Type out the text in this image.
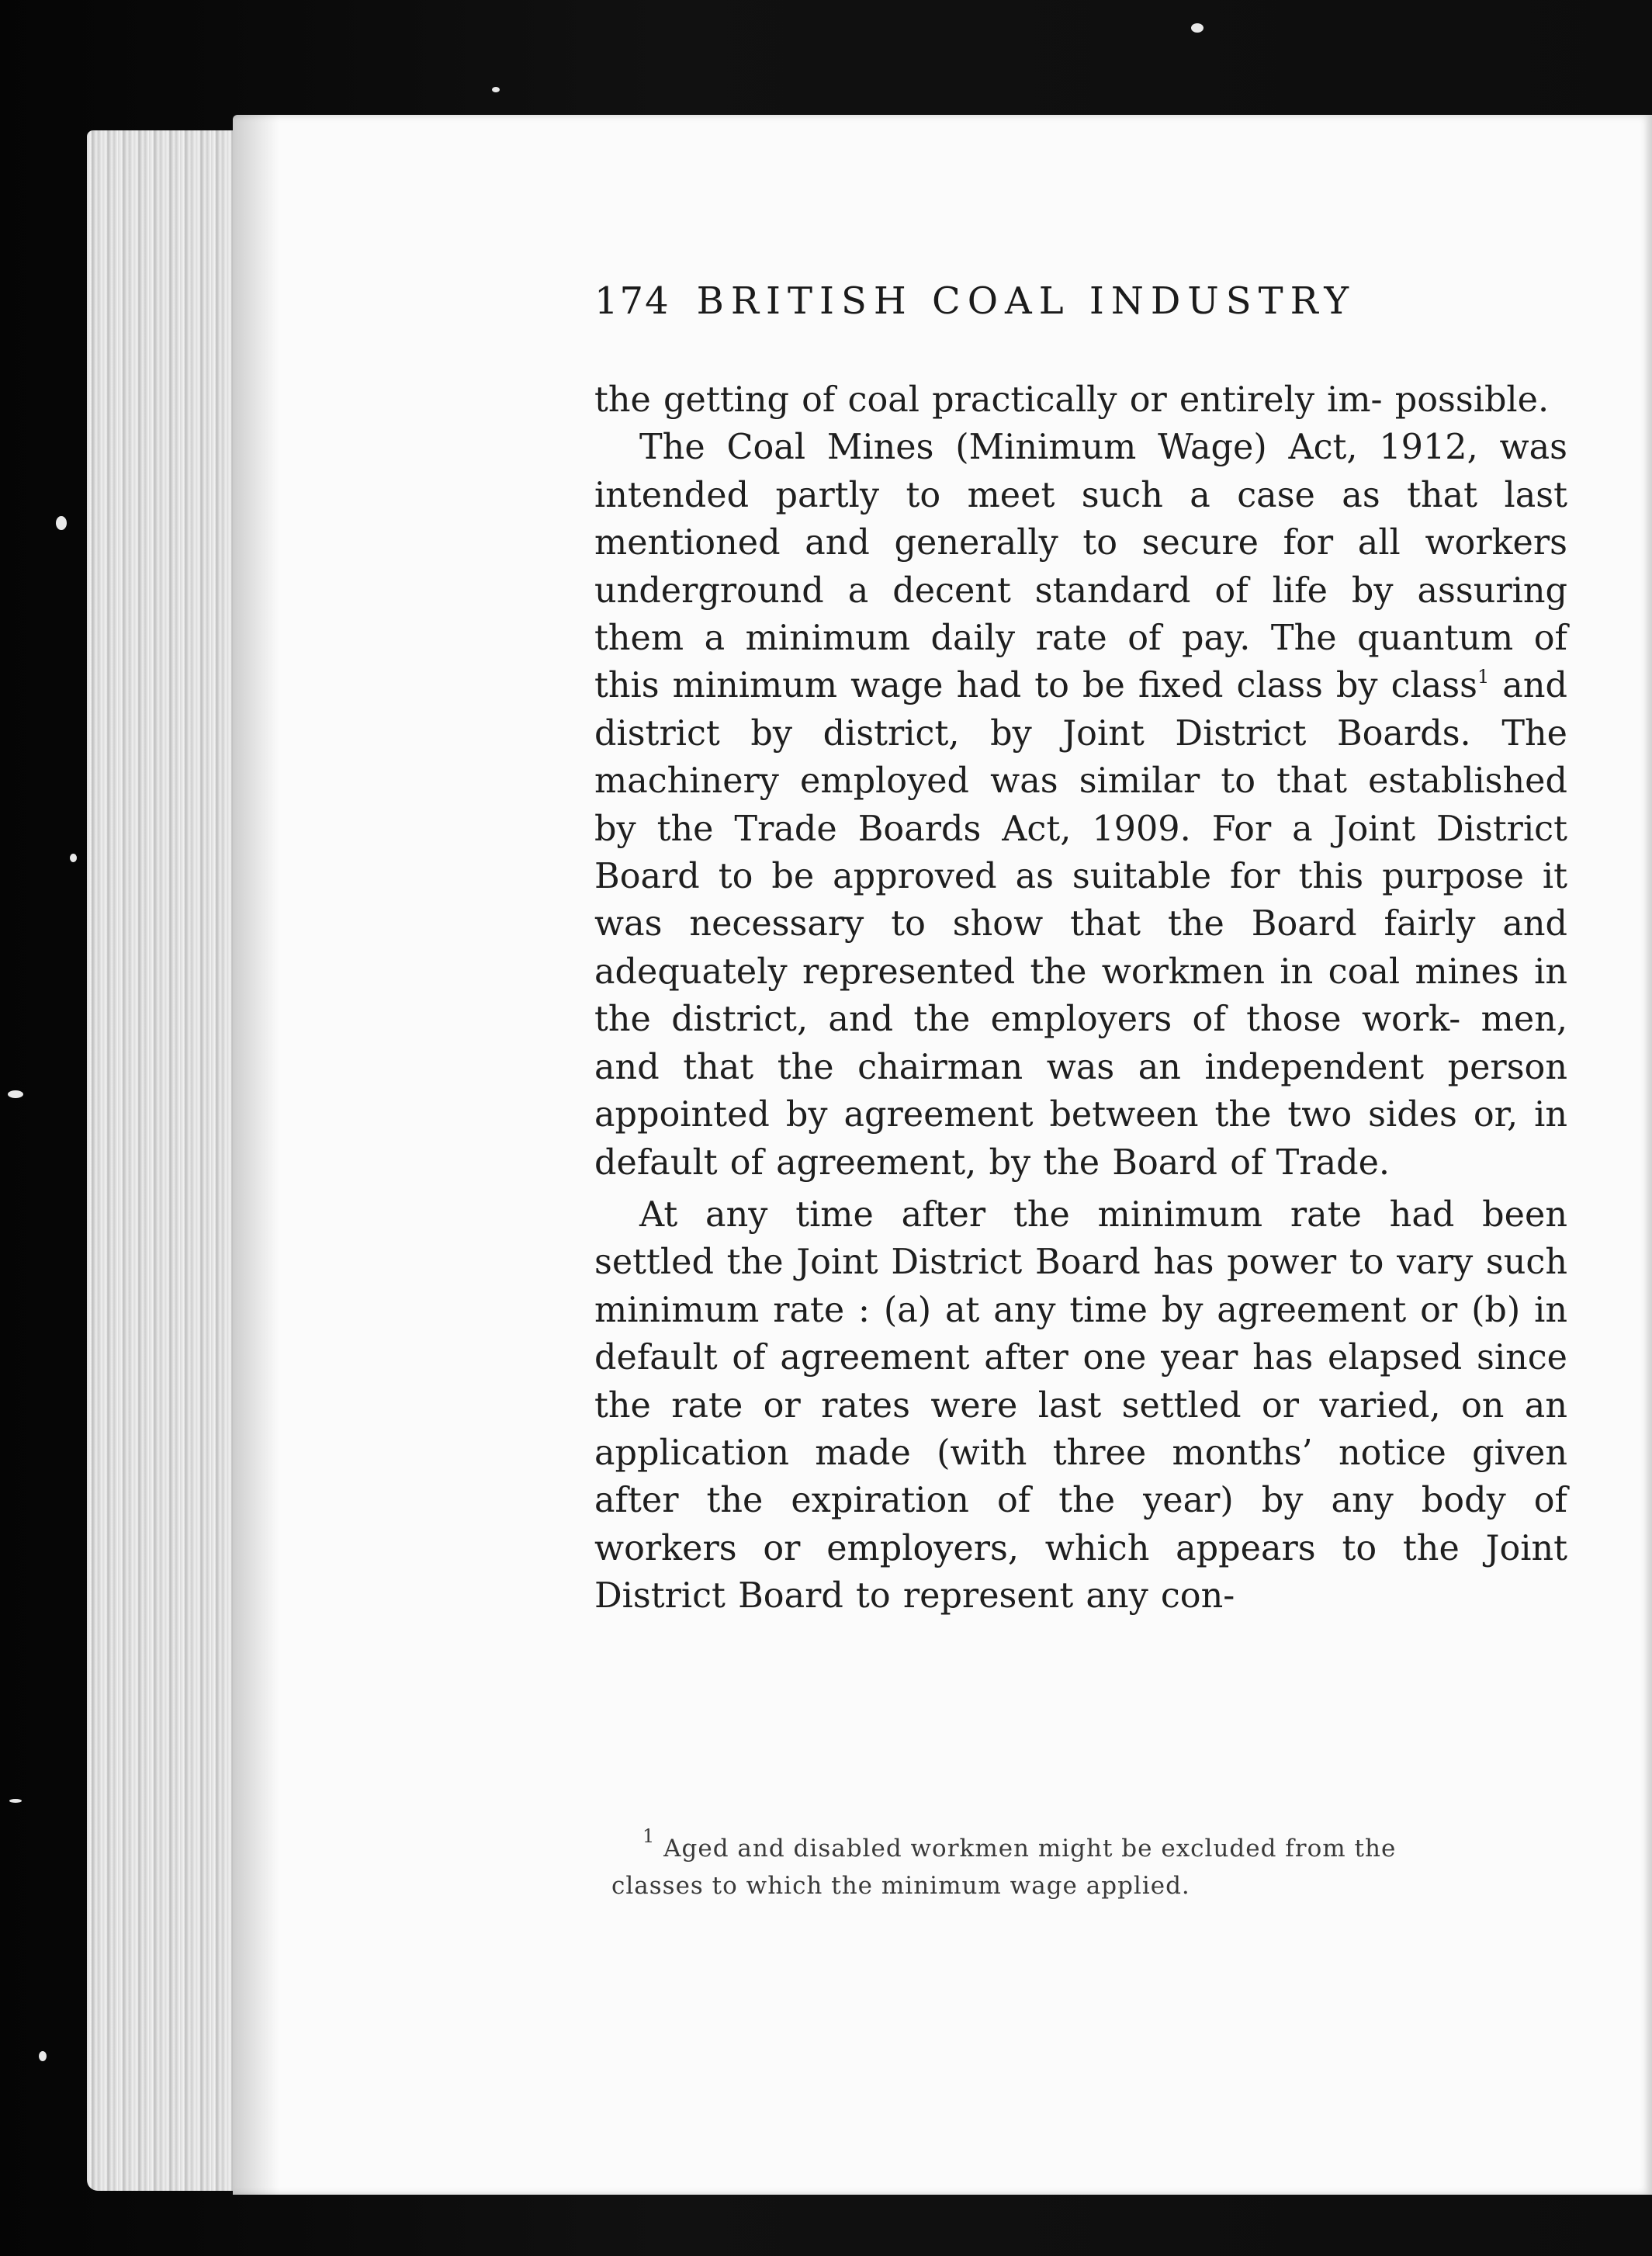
174 BRITISH COAL INDUSTRY

the getting of coal practically or entirely im- possible.

The Coal Mines (Minimum Wage) Act, 1912, was intended partly to meet such a case as that last mentioned and generally to secure for all workers underground a decent standard of life by assuring them a minimum daily rate of pay. The quantum of this minimum wage had to be fixed class by class$^1$ and district by district, by Joint District Boards. The machinery employed was similar to that established by the Trade Boards Act, 1909. For a Joint District Board to be approved as suitable for this purpose it was necessary to show that the Board fairly and adequately represented the workmen in coal mines in the district, and the employers of those work- men, and that the chairman was an independent person appointed by agreement between the two sides or, in default of agreement, by the Board of Trade.

At any time after the minimum rate had been settled the Joint District Board has power to vary such minimum rate : (a) at any time by agreement or (b) in default of agreement after one year has elapsed since the rate or rates were last settled or varied, on an application made (with three months’ notice given after the expiration of the year) by any body of workers or employers, which appears to the Joint District Board to represent any con-

$^1$ Aged and disabled workmen might be excluded from the
classes to which the minimum wage applied.
